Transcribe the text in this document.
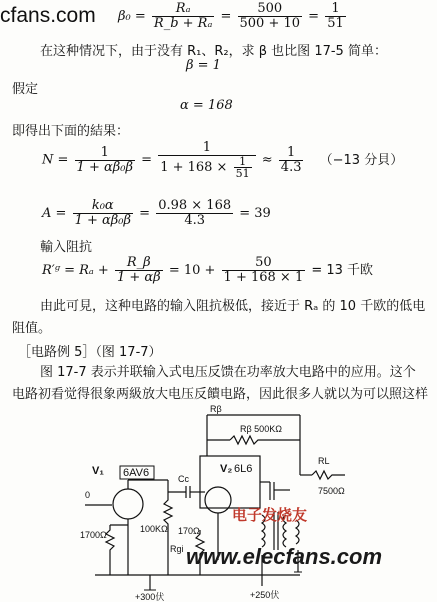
cfans.com $\beta_0 = \frac{\text{Rₐ}}{\text{R\_b + Rₐ}} = \frac{500}{500 + 10} = \frac{1}{51}$
在这种情况下，由于没有 R₁、R₂，求 β 也比图 17-5 简单：
β = 1
假定
α = 168
即得出下面的結果：
$N = \frac{1}{\text{1 + αβ₀β}} = \frac{1}{1 + 168 \times \frac{1}{51}} \approx \frac{1}{4.3} (-13$ 分貝）
$A = \frac{\text{k₀α}}{\text{1 + αβ₀β}} = \frac{0.98 \times 168}{4.3} = 39$
輸入阻抗
R′ᵍ = $R_a + \frac{R\_\beta}{1 + \alpha\beta} = 10 + \frac{50}{1 + 168 \times 1} = 13$ 千欧
由此可見，这种电路的输入阻抗极低，接近于 Rₐ 的 10 千欧的低电阻值。
［电路例 5］（图 17-7）
图 17-7 表示并联输入式电压反馈在功率放大电路中的应用。这个电路初看觉得很象两級放大电压反饋电路，因此很多人就以为可以照这样
0
V₁ 6AV6	Cc
1700Ω
100KΩ 170Ω
Rgi
Rβ
Rβ 500KΩ
V₂ 6L6
RL
7500Ω
+300伏	+250伏
电子发烧友
www.elecfans.com
